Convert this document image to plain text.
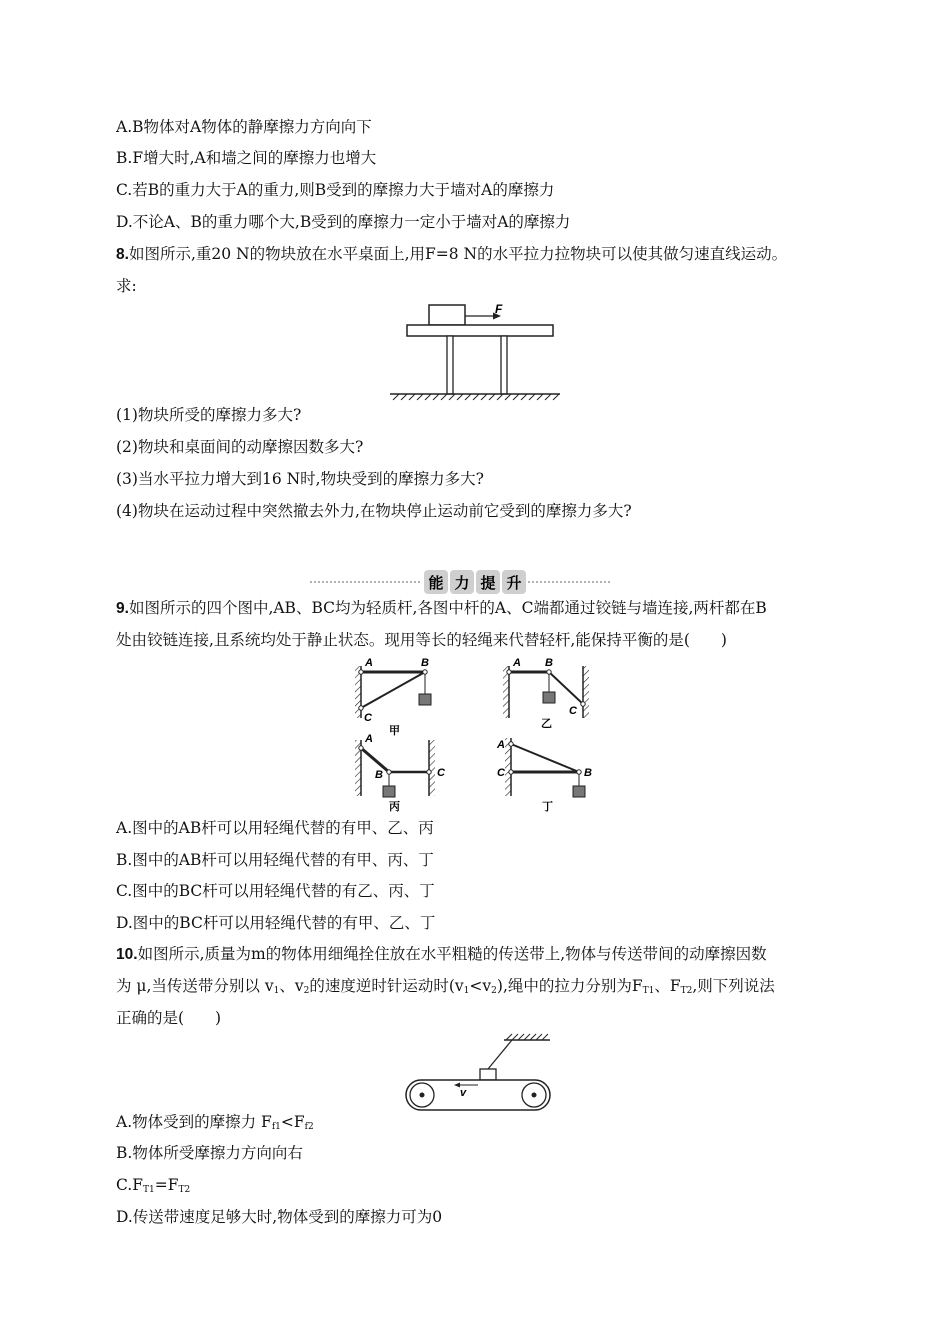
A.B物体对A物体的静摩擦力方向向下
B.F增大时,A和墙之间的摩擦力也增大
C.若B的重力大于A的重力,则B受到的摩擦力大于墙对A的摩擦力
D.不论A、B的重力哪个大,B受到的摩擦力一定小于墙对A的摩擦力
8.如图所示,重20 N的物块放在水平桌面上,用F=8 N的水平拉力拉物块可以使其做匀速直线运动。
求:
F
(1)物块所受的摩擦力多大?
(2)物块和桌面间的动摩擦因数多大?
(3)当水平拉力增大到16 N时,物块受到的摩擦力多大?
(4)物块在运动过程中突然撤去外力,在物块停止运动前它受到的摩擦力多大?
能 力 提 升
9.如图所示的四个图中,AB、BC均为轻质杆,各图中杆的A、C端都通过铰链与墙连接,两杆都在B
处由铰链连接,且系统均处于静止状态。现用等长的轻绳来代替轻杆,能保持平衡的是(　　)
A	B
C
甲
A B
C
乙
A
B	C
丙
A
B
C
丁
A.图中的AB杆可以用轻绳代替的有甲、乙、丙
B.图中的AB杆可以用轻绳代替的有甲、丙、丁
C.图中的BC杆可以用轻绳代替的有乙、丙、丁
D.图中的BC杆可以用轻绳代替的有甲、乙、丁
10.如图所示,质量为m的物体用细绳拴住放在水平粗糙的传送带上,物体与传送带间的动摩擦因数
为 μ,当传送带分别以 $v_1$、$v_2$的速度逆时针运动时$(v_1<v_2)$,绳中的拉力分别为$F_{T1}$、$F_{T2}$,则下列说法
正确的是(　　)
v
A.物体受到的摩擦力 $F_{f1}<F_{f2}$
B.物体所受摩擦力方向向右
$C.F_{T1}=F_{T2}$
D.传送带速度足够大时,物体受到的摩擦力可为0
